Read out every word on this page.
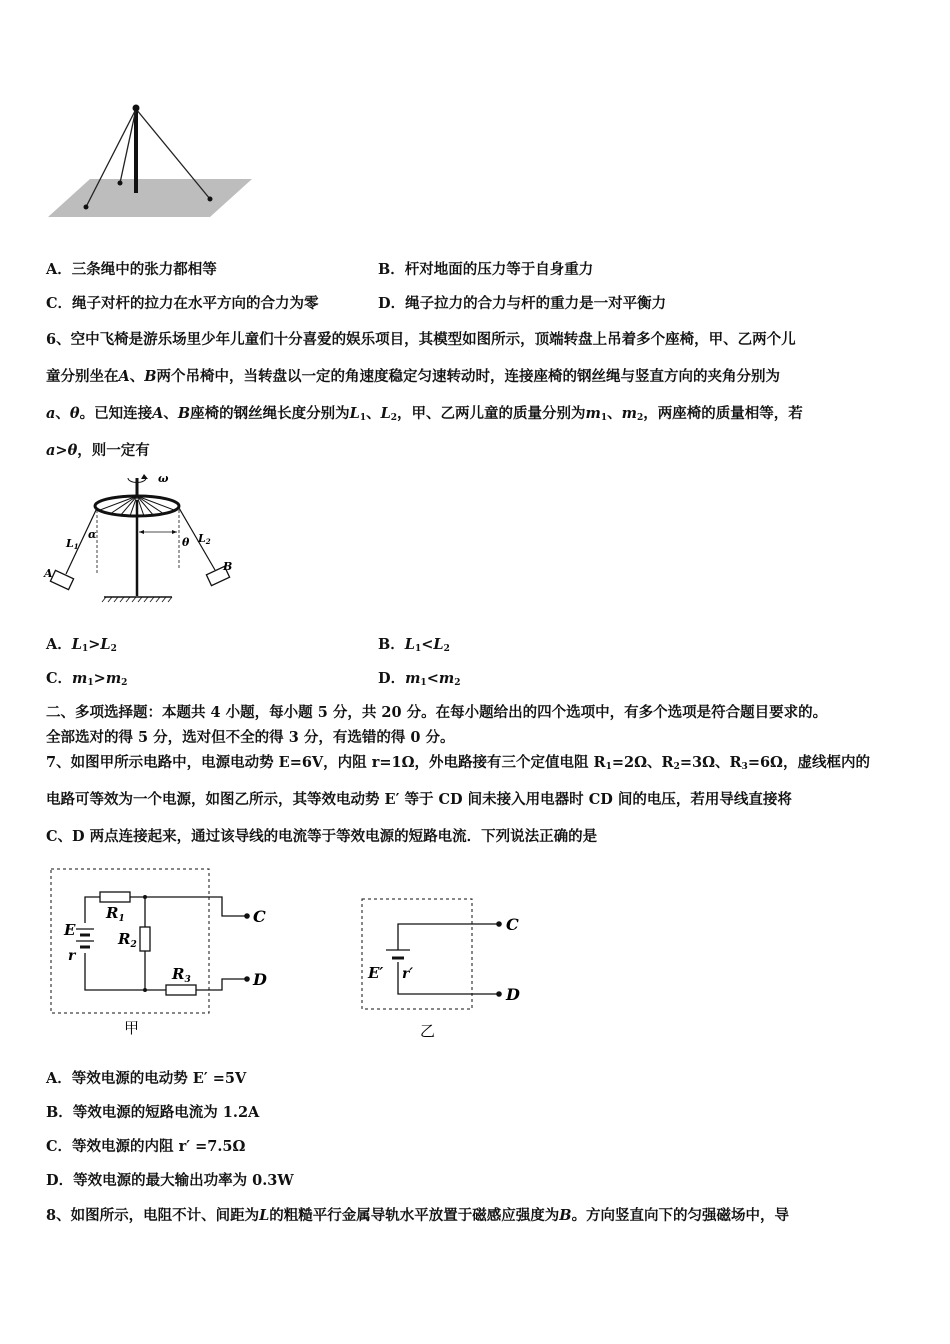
A．三条绳中的张力都相等	B．杆对地面的压力等于自身重力
C．绳子对杆的拉力在水平方向的合力为零	D．绳子拉力的合力与杆的重力是一对平衡力
6、空中飞椅是游乐场里少年儿童们十分喜爱的娱乐项目，其模型如图所示，顶端转盘上吊着多个座椅，甲、乙两个儿
童分别坐在A、B两个吊椅中，当转盘以一定的角速度稳定匀速转动时，连接座椅的钢丝绳与竖直方向的夹角分别为
a、θ。已知连接A、B座椅的钢丝绳长度分别为$L_1$、$L_2$，甲、乙两儿童的质量分别为$m_1$、$m_2$，两座椅的质量相等，若
a>θ，则一定有
ω
α
θ
L1
L2
A
B
A．$L_1>L_2$	B．$L_1<L_2$
C．$m_1>m_2$	D．$m_1<m_2$
二、多项选择题：本题共 4 小题，每小题 5 分，共 20 分。在每小题给出的四个选项中，有多个选项是符合题目要求的。
全部选对的得 5 分，选对但不全的得 3 分，有选错的得 0 分。
7、如图甲所示电路中，电源电动势 E=6V，内阻 r=1Ω，外电路接有三个定值电阻 $R_1=2\Omega$、$R_2=3\Omega$、$R_3=6\Omega$，虚线框内的
电路可等效为一个电源，如图乙所示，其等效电动势 E′ 等于 CD 间未接入用电器时 CD 间的电压，若用导线直接将
C、D 两点连接起来，通过该导线的电流等于等效电源的短路电流．下列说法正确的是
E
r
$R_1$
$R_2$
$R_3$
C
D
甲
E′ r′
C
D
乙
A．等效电源的电动势 E′ =5V
B．等效电源的短路电流为 1.2A
C．等效电源的内阻 r′ =7.5Ω
D．等效电源的最大输出功率为 0.3W
8、如图所示，电阻不计、间距为L的粗糙平行金属导轨水平放置于磁感应强度为B。方向竖直向下的匀强磁场中，导
